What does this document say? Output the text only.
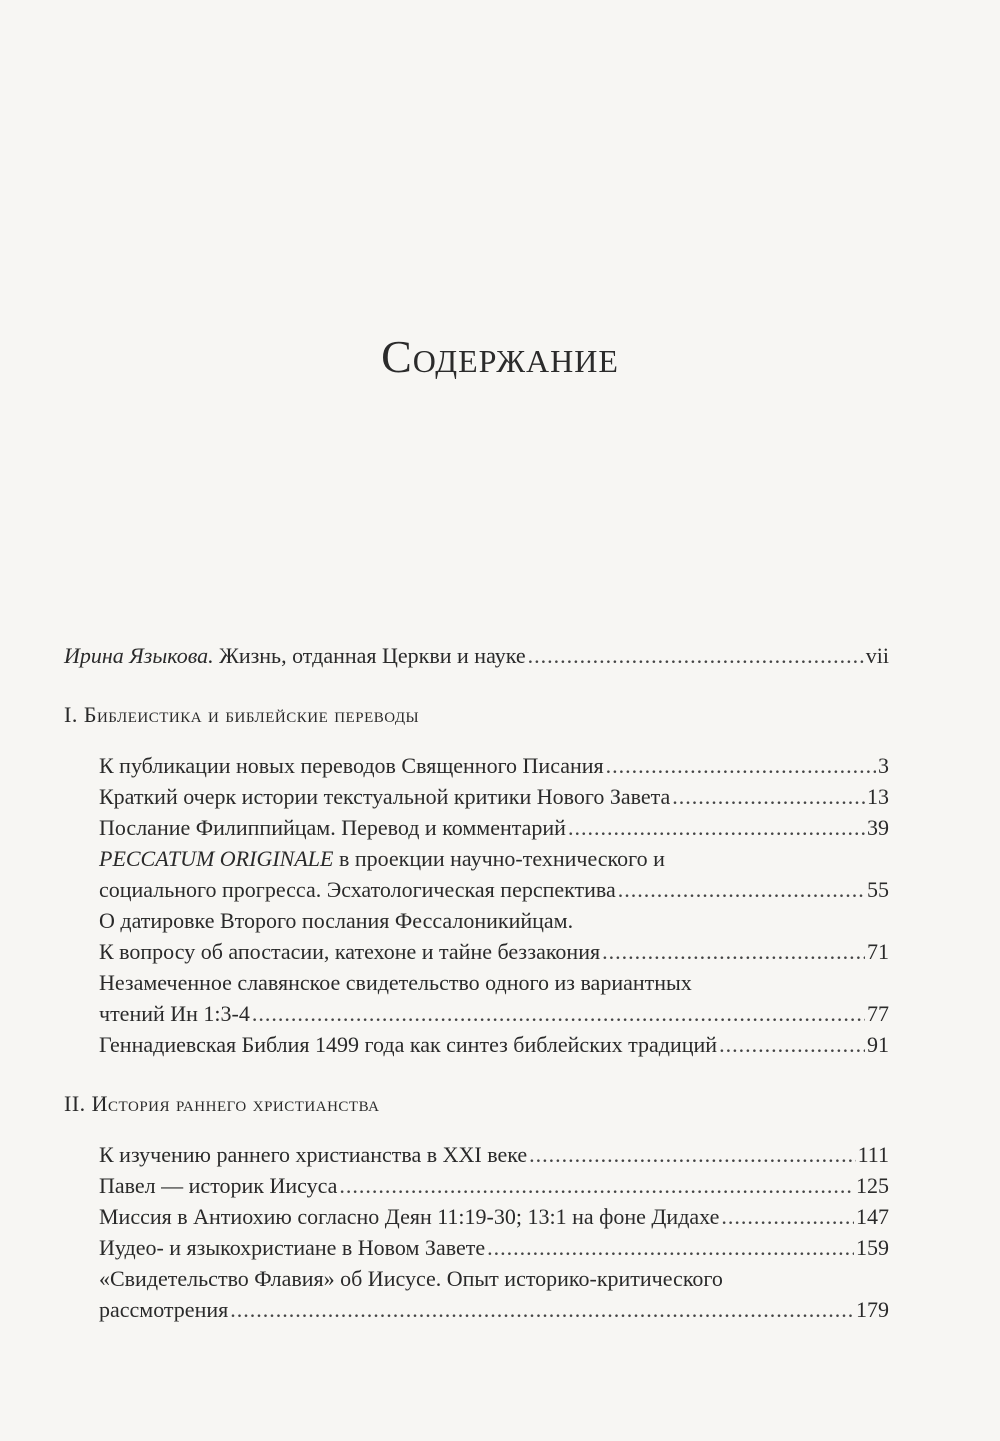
Содержание
Ирина Языкова. Жизнь, отданная Церкви и науке .....	vii
I. Библеистика и библейские переводы
К публикации новых переводов Священного Писания .....	3
Краткий очерк истории текстуальной критики Нового Завета .....	13
Послание Филиппийцам. Перевод и комментарий .....	39
PECCATUM ORIGINALE в проекции научно-технического и
социального прогресса. Эсхатологическая перспектива .....	55
О датировке Второго послания Фессалоникийцам.
К вопросу об апостасии, катехоне и тайне беззакония .....	71
Незамеченное славянское свидетельство одного из вариантных
чтений Ин 1:3-4 .....	77
Геннадиевская Библия 1499 года как синтез библейских традиций .....	91
II. История раннего христианства
К изучению раннего христианства в XXI веке .....	111
Павел — историк Иисуса .....	125
Миссия в Антиохию согласно Деян 11:19-30; 13:1 на фоне Дидахе .....	147
Иудео- и языкохристиане в Новом Завете .....	159
«Свидетельство Флавия» об Иисусе. Опыт историко-критического
рассмотрения .....	179
